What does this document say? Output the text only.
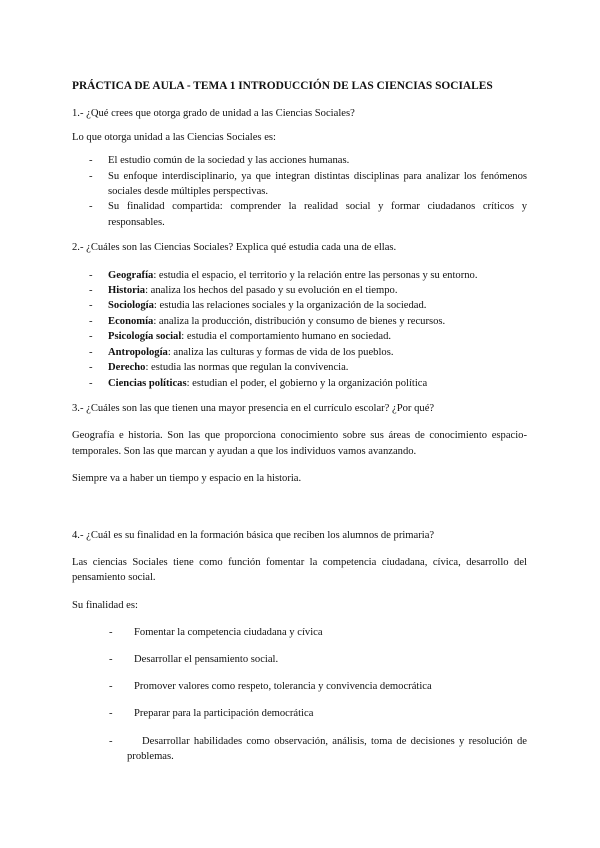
PRÁCTICA DE AULA - TEMA 1 INTRODUCCIÓN DE LAS CIENCIAS SOCIALES
1.- ¿Qué crees que otorga grado de unidad a las Ciencias Sociales?
Lo que otorga unidad a las Ciencias Sociales es:
- El estudio común de la sociedad y las acciones humanas.
- Su enfoque interdisciplinario, ya que integran distintas disciplinas para analizar los fenómenos sociales desde múltiples perspectivas.
- Su finalidad compartida: comprender la realidad social y formar ciudadanos críticos y responsables.
2.- ¿Cuáles son las Ciencias Sociales? Explica qué estudia cada una de ellas.
- Geografía: estudia el espacio, el territorio y la relación entre las personas y su entorno.
- Historia: analiza los hechos del pasado y su evolución en el tiempo.
- Sociología: estudia las relaciones sociales y la organización de la sociedad.
- Economía: analiza la producción, distribución y consumo de bienes y recursos.
- Psicología social: estudia el comportamiento humano en sociedad.
- Antropología: analiza las culturas y formas de vida de los pueblos.
- Derecho: estudia las normas que regulan la convivencia.
- Ciencias políticas: estudian el poder, el gobierno y la organización política
3.- ¿Cuáles son las que tienen una mayor presencia en el currículo escolar? ¿Por qué?
Geografía e historia. Son las que proporciona conocimiento sobre sus áreas de conocimiento espacio-temporales. Son las que marcan y ayudan a que los individuos vamos avanzando.
Siempre va a haber un tiempo y espacio en la historia.
4.- ¿Cuál es su finalidad en la formación básica que reciben los alumnos de primaria?
Las ciencias Sociales tiene como función fomentar la competencia ciudadana, cívica, desarrollo del pensamiento social.
Su finalidad es:
- Fomentar la competencia ciudadana y cívica
- Desarrollar el pensamiento social.
- Promover valores como respeto, tolerancia y convivencia democrática
- Preparar para la participación democrática
-	Desarrollar habilidades como observación, análisis, toma de decisiones y resolución de problemas.
